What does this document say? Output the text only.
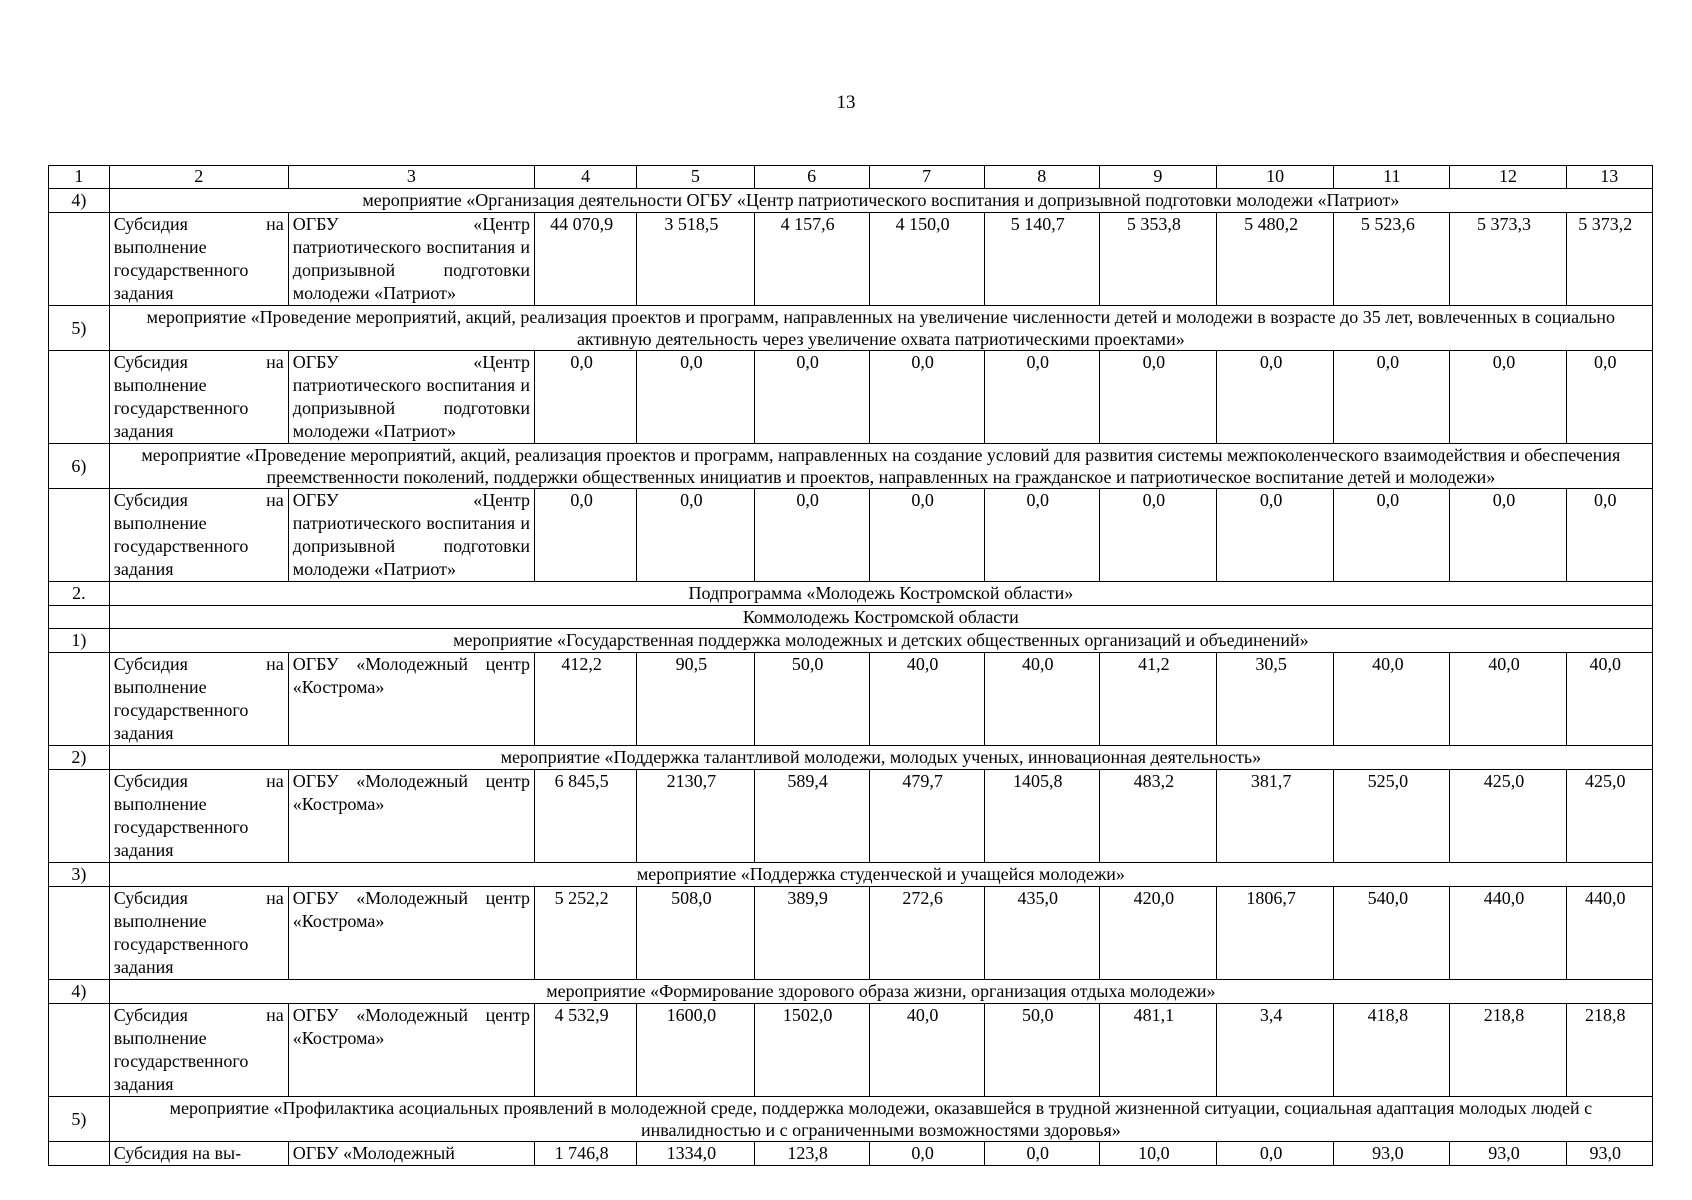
13
1	2	3	4	5	6	7	8	9	10	11	12	13
4)	мероприятие «Организация деятельности ОГБУ «Центр патриотического воспитания и допризывной подготовки молодежи «Патриот»											
	Субсидия на выполнение государственного задания	ОГБУ «Центр патриотического воспитания и допризывной подготовки молодежи «Патриот»	44 070,9	3 518,5	4 157,6	4 150,0	5 140,7	5 353,8	5 480,2	5 523,6	5 373,3	5 373,2
5)	мероприятие «Проведение мероприятий, акций, реализация проектов и программ, направленных на увеличение численности детей и молодежи в возрасте до 35 лет, вовлеченных в социально активную деятельность через увеличение охвата патриотическими проектами»											
	Субсидия на выполнение государственного задания	ОГБУ «Центр патриотического воспитания и допризывной подготовки молодежи «Патриот»	0,0	0,0	0,0	0,0	0,0	0,0	0,0	0,0	0,0	0,0
6)	мероприятие «Проведение мероприятий, акций, реализация проектов и программ, направленных на создание условий для развития системы межпоколенческого взаимодействия и обеспечения преемственности поколений, поддержки общественных инициатив и проектов, направленных на гражданское и патриотическое воспитание детей и молодежи»											
	Субсидия на выполнение государственного задания	ОГБУ «Центр патриотического воспитания и допризывной подготовки молодежи «Патриот»	0,0	0,0	0,0	0,0	0,0	0,0	0,0	0,0	0,0	0,0
2.	Подпрограмма «Молодежь Костромской области»											
	Коммолодежь Костромской области											
1)	мероприятие «Государственная поддержка молодежных и детских общественных организаций и объединений»											
	Субсидия на выполнение государственного задания	ОГБУ «Молодежный центр «Кострома»	412,2	90,5	50,0	40,0	40,0	41,2	30,5	40,0	40,0	40,0
2)	мероприятие «Поддержка талантливой молодежи, молодых ученых, инновационная деятельность»											
	Субсидия на выполнение государственного задания	ОГБУ «Молодежный центр «Кострома»	6 845,5	2130,7	589,4	479,7	1405,8	483,2	381,7	525,0	425,0	425,0
3)	мероприятие «Поддержка студенческой и учащейся молодежи»											
	Субсидия на выполнение государственного задания	ОГБУ «Молодежный центр «Кострома»	5 252,2	508,0	389,9	272,6	435,0	420,0	1806,7	540,0	440,0	440,0
4)	мероприятие «Формирование здорового образа жизни, организация отдыха молодежи»											
	Субсидия на выполнение государственного задания	ОГБУ «Молодежный центр «Кострома»	4 532,9	1600,0	1502,0	40,0	50,0	481,1	3,4	418,8	218,8	218,8
5)	мероприятие «Профилактика асоциальных проявлений в молодежной среде, поддержка молодежи, оказавшейся в трудной жизненной ситуации, социальная адаптация молодых людей с инвалидностью и с ограниченными возможностями здоровья»											
	Субсидия на вы-	ОГБУ «Молодежный	1 746,8	1334,0	123,8	0,0	0,0	10,0	0,0	93,0	93,0	93,0
